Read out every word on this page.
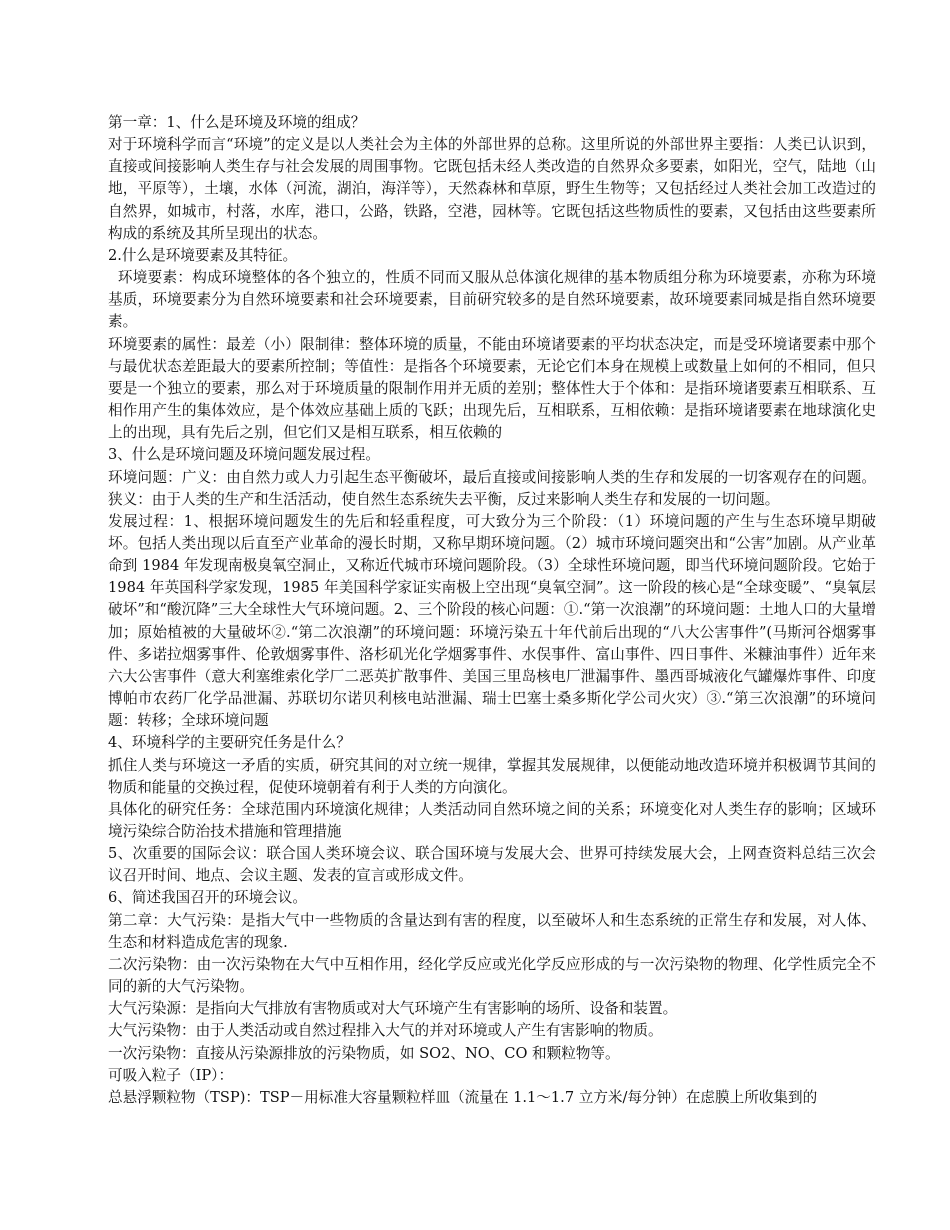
第一章：1、什么是环境及环境的组成？

对于环境科学而言“环境”的定义是以人类社会为主体的外部世界的总称。这里所说的外部世界主要指：人类已认识到，直接或间接影响人类生存与社会发展的周围事物。它既包括未经人类改造的自然界众多要素，如阳光，空气，陆地（山地，平原等），土壤，水体（河流，湖泊，海洋等），天然森林和草原，野生生物等；又包括经过人类社会加工改造过的自然界，如城市，村落，水库，港口，公路，铁路，空港，园林等。它既包括这些物质性的要素，又包括由这些要素所构成的系统及其所呈现出的状态。

2.什么是环境要素及其特征。

环境要素：构成环境整体的各个独立的，性质不同而又服从总体演化规律的基本物质组分称为环境要素，亦称为环境基质，环境要素分为自然环境要素和社会环境要素，目前研究较多的是自然环境要素，故环境要素同城是指自然环境要素。

环境要素的属性：最差（小）限制律：整体环境的质量，不能由环境诸要素的平均状态决定，而是受环境诸要素中那个与最优状态差距最大的要素所控制；等值性：是指各个环境要素，无论它们本身在规模上或数量上如何的不相同，但只要是一个独立的要素，那么对于环境质量的限制作用并无质的差别；整体性大于个体和：是指环境诸要素互相联系、互相作用产生的集体效应，是个体效应基础上质的飞跃；出现先后，互相联系，互相依赖：是指环境诸要素在地球演化史上的出现，具有先后之别，但它们又是相互联系，相互依赖的

3、什么是环境问题及环境问题发展过程。

环境问题：广义：由自然力或人力引起生态平衡破坏，最后直接或间接影响人类的生存和发展的一切客观存在的问题。狭义：由于人类的生产和生活活动，使自然生态系统失去平衡，反过来影响人类生存和发展的一切问题。

发展过程：1、根据环境问题发生的先后和轻重程度，可大致分为三个阶段：（1）环境问题的产生与生态环境早期破坏。包括人类出现以后直至产业革命的漫长时期，又称早期环境问题。（2）城市环境问题突出和“公害”加剧。从产业革命到 1984 年发现南极臭氧空洞止，又称近代城市环境问题阶段。（3）全球性环境问题，即当代环境问题阶段。它始于 1984 年英国科学家发现，1985 年美国科学家证实南极上空出现“臭氧空洞”。这一阶段的核心是“全球变暖”、“臭氧层破坏”和“酸沉降”三大全球性大气环境问题。2、三个阶段的核心问题：①.“第一次浪潮”的环境问题：土地人口的大量增加；原始植被的大量破坏②.“第二次浪潮”的环境问题：环境污染五十年代前后出现的“八大公害事件”(马斯河谷烟雾事件、多诺拉烟雾事件、伦敦烟雾事件、洛杉矶光化学烟雾事件、水俣事件、富山事件、四日事件、米糠油事件）近年来六大公害事件（意大利塞维索化学厂二恶英扩散事件、美国三里岛核电厂泄漏事件、墨西哥城液化气罐爆炸事件、印度博帕市农药厂化学品泄漏、苏联切尔诺贝利核电站泄漏、瑞士巴塞士桑多斯化学公司火灾）③.“第三次浪潮”的环境问题：转移；全球环境问题

4、环境科学的主要研究任务是什么？

抓住人类与环境这一矛盾的实质，研究其间的对立统一规律，掌握其发展规律，以便能动地改造环境并积极调节其间的物质和能量的交换过程，促使环境朝着有利于人类的方向演化。

具体化的研究任务：全球范围内环境演化规律；人类活动同自然环境之间的关系；环境变化对人类生存的影响；区域环境污染综合防治技术措施和管理措施

5、次重要的国际会议：联合国人类环境会议、联合国环境与发展大会、世界可持续发展大会，上网查资料总结三次会议召开时间、地点、会议主题、发表的宣言或形成文件。

6、简述我国召开的环境会议。

第二章：大气污染：是指大气中一些物质的含量达到有害的程度，以至破坏人和生态系统的正常生存和发展，对人体、生态和材料造成危害的现象.

二次污染物：由一次污染物在大气中互相作用，经化学反应或光化学反应形成的与一次污染物的物理、化学性质完全不同的新的大气污染物。

大气污染源：是指向大气排放有害物质或对大气环境产生有害影响的场所、设备和装置。

大气污染物：由于人类活动或自然过程排入大气的并对环境或人产生有害影响的物质。

一次污染物：直接从污染源排放的污染物质，如 SO2、NO、CO 和颗粒物等。

可吸入粒子（IP）：

总悬浮颗粒物（TSP)：TSP－用标准大容量颗粒样皿（流量在 1.1～1.7 立方米/每分钟）在虑膜上所收集到的
